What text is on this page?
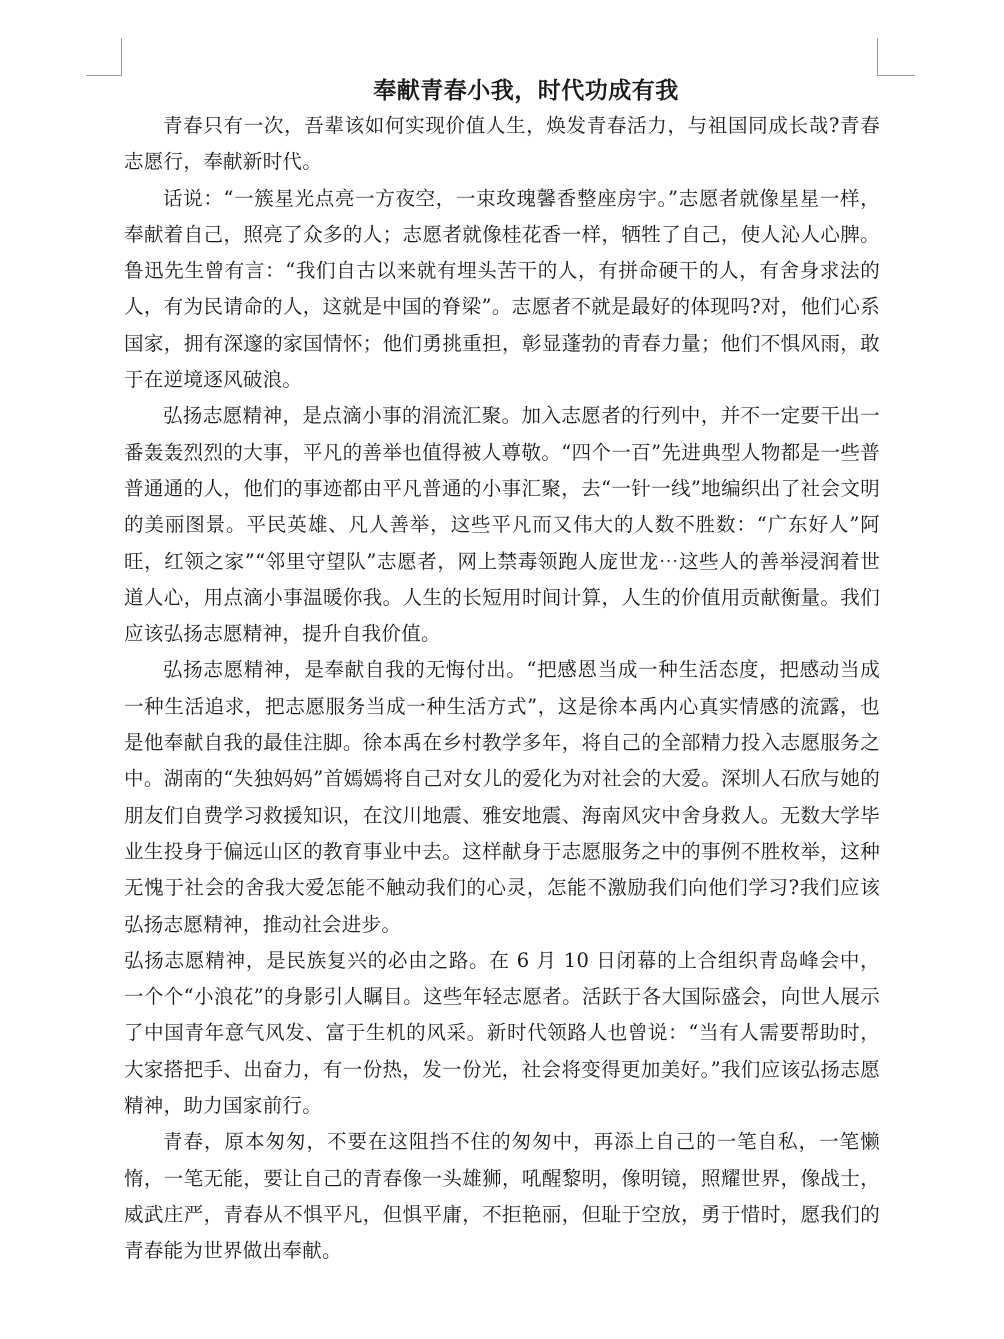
奉献青春小我，时代功成有我

青春只有一次，吾辈该如何实现价值人生，焕发青春活力，与祖国同成长哉?青春志愿行，奉献新时代。

话说：“一簇星光点亮一方夜空，一束玫瑰馨香整座房宇。”志愿者就像星星一样，奉献着自己，照亮了众多的人；志愿者就像桂花香一样，牺牲了自己，使人沁人心脾。鲁迅先生曾有言：“我们自古以来就有埋头苦干的人，有拼命硬干的人，有舍身求法的人，有为民请命的人，这就是中国的脊梁”。志愿者不就是最好的体现吗?对，他们心系国家，拥有深邃的家国情怀；他们勇挑重担，彰显蓬勃的青春力量；他们不惧风雨，敢于在逆境逐风破浪。

弘扬志愿精神，是点滴小事的涓流汇聚。加入志愿者的行列中，并不一定要干出一番轰轰烈烈的大事，平凡的善举也值得被人尊敬。“四个一百”先进典型人物都是一些普普通通的人，他们的事迹都由平凡普通的小事汇聚，去“一针一线”地编织出了社会文明的美丽图景。平民英雄、凡人善举，这些平凡而又伟大的人数不胜数：“广东好人”阿旺，红领之家”“邻里守望队”志愿者，网上禁毒领跑人庞世龙⋯这些人的善举浸润着世道人心，用点滴小事温暖你我。人生的长短用时间计算，人生的价值用贡献衡量。我们应该弘扬志愿精神，提升自我价值。

弘扬志愿精神，是奉献自我的无悔付出。“把感恩当成一种生活态度，把感动当成一种生活追求，把志愿服务当成一种生活方式”，这是徐本禹内心真实情感的流露，也是他奉献自我的最佳注脚。徐本禹在乡村教学多年，将自己的全部精力投入志愿服务之中。湖南的“失独妈妈”首嫣嫣将自己对女儿的爱化为对社会的大爱。深圳人石欣与她的朋友们自费学习救援知识，在汶川地震、雅安地震、海南风灾中舍身救人。无数大学毕业生投身于偏远山区的教育事业中去。这样献身于志愿服务之中的事例不胜枚举，这种无愧于社会的舍我大爱怎能不触动我们的心灵，怎能不激励我们向他们学习?我们应该弘扬志愿精神，推动社会进步。

弘扬志愿精神，是民族复兴的必由之路。在 6 月 10 日闭幕的上合组织青岛峰会中，一个个“小浪花”的身影引人瞩目。这些年轻志愿者。活跃于各大国际盛会，向世人展示了中国青年意气风发、富于生机的风采。新时代领路人也曾说：“当有人需要帮助时，大家搭把手、出奋力，有一份热，发一份光，社会将变得更加美好。”我们应该弘扬志愿精神，助力国家前行。

青春，原本匆匆，不要在这阻挡不住的匆匆中，再添上自己的一笔自私，一笔懒惰，一笔无能，要让自己的青春像一头雄狮，吼醒黎明，像明镜，照耀世界，像战士，威武庄严，青春从不惧平凡，但惧平庸，不拒艳丽，但耻于空放，勇于惜时，愿我们的青春能为世界做出奉献。
